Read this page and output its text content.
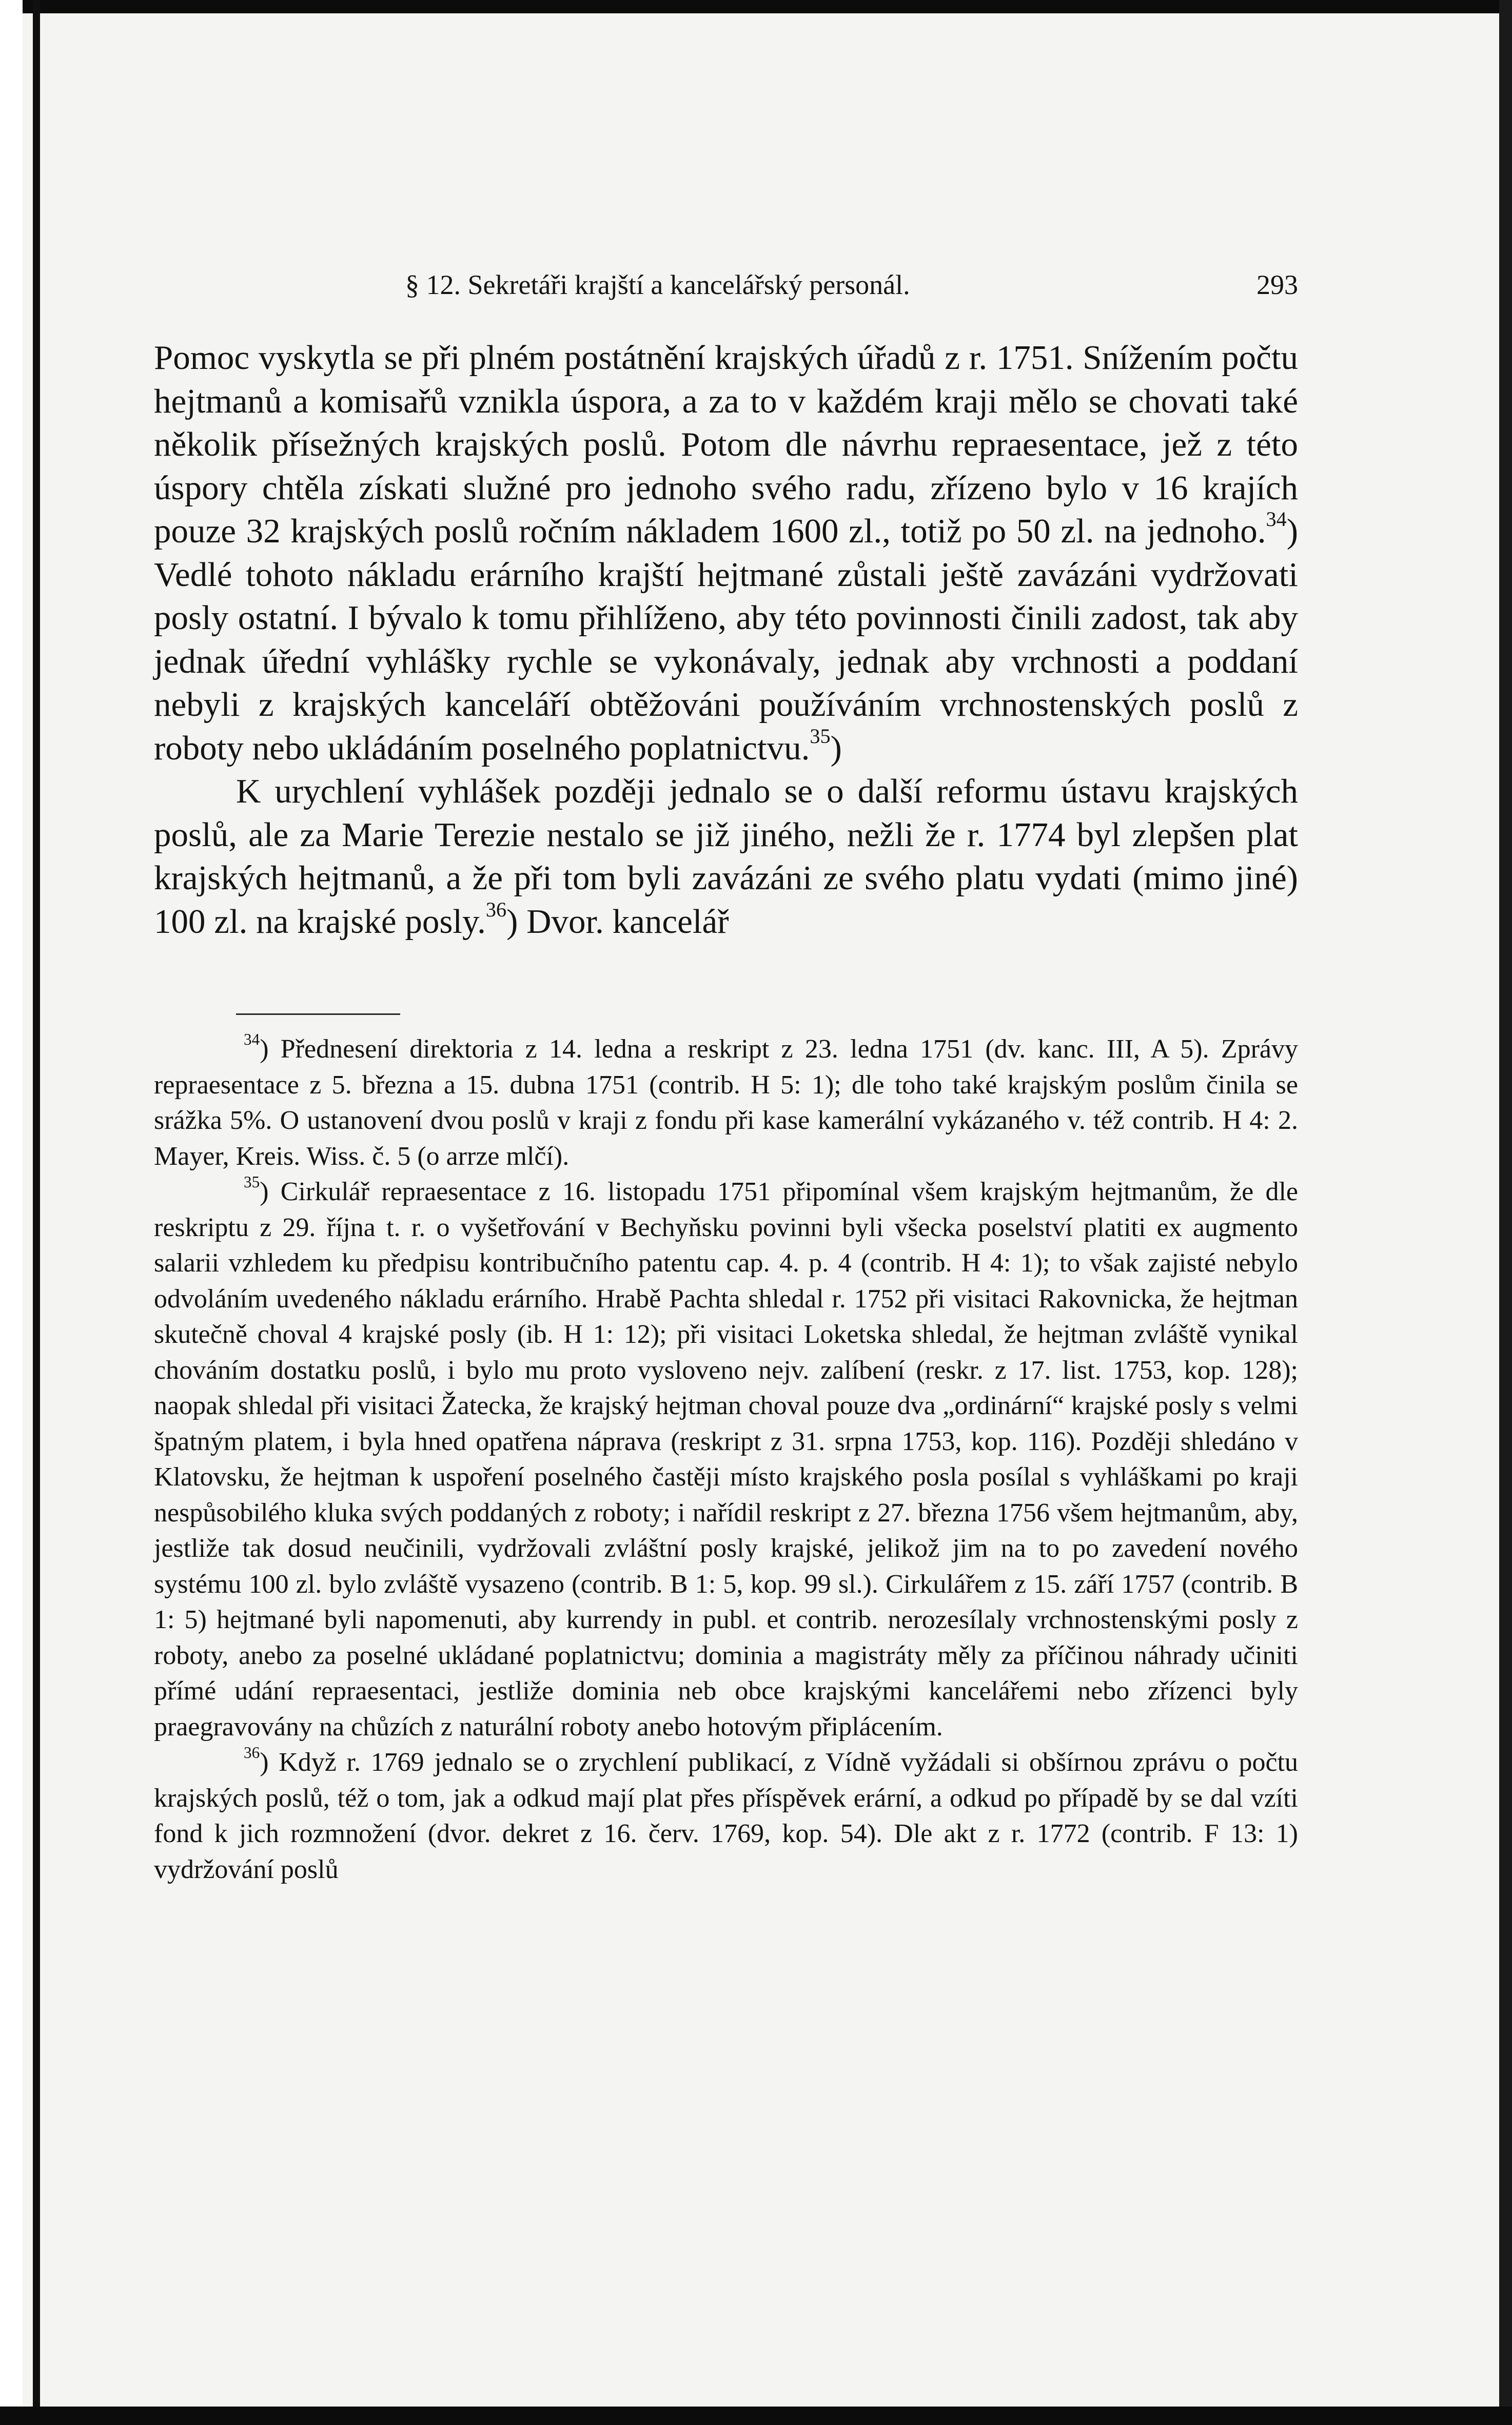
§ 12. Sekretáři krajští a kancelářský personál.	293

Pomoc vyskytla se při plném postátnění krajských úřadů z r. 1751. Snížením počtu hejtmanů a komisařů vznikla úspora, a za to v každém kraji mělo se chovati také několik přísežných krajských poslů. Potom dle návrhu repraesentace, jež z této úspory chtěla získati služné pro jednoho svého radu, zřízeno bylo v 16 krajích pouze 32 krajských poslů ročním nákladem 1600 zl., totiž po 50 zl. na jednoho.$^{34}$) Vedlé tohoto nákladu erárního krajští hejtmané zůstali ještě zavázáni vydržovati posly ostatní. I bývalo k tomu přihlíženo, aby této povinnosti činili zadost, tak aby jednak úřední vyhlášky rychle se vykonávaly, jednak aby vrchnosti a poddaní nebyli z krajských kanceláří obtěžováni používáním vrchnostenských poslů z roboty nebo ukládáním poselného poplatnictvu.$^{35}$)

K urychlení vyhlášek později jednalo se o další reformu ústavu krajských poslů, ale za Marie Terezie nestalo se již jiného, nežli že r. 1774 byl zlepšen plat krajských hejtmanů, a že při tom byli zavázáni ze svého platu vydati (mimo jiné) 100 zl. na krajské posly.$^{36}$) Dvor. kancelář

$^{34}$) Přednesení direktoria z 14. ledna a reskript z 23. ledna 1751 (dv. kanc. III, A 5). Zprávy repraesentace z 5. března a 15. dubna 1751 (contrib. H 5: 1); dle toho také krajským poslům činila se srážka 5%. O ustanovení dvou poslů v kraji z fondu při kase kamerální vykázaného v. též contrib. H 4: 2. Mayer, Kreis. Wiss. č. 5 (o arrze mlčí).

$^{35}$) Cirkulář repraesentace z 16. listopadu 1751 připomínal všem krajským hejtmanům, že dle reskriptu z 29. října t. r. o vyšetřování v Bechyňsku povinni byli všecka poselství platiti ex augmento salarii vzhledem ku předpisu kontribučního patentu cap. 4. p. 4 (contrib. H 4: 1); to však zajisté nebylo odvoláním uvedeného nákladu erárního. Hrabě Pachta shledal r. 1752 při visitaci Rakovnicka, že hejtman skutečně choval 4 krajské posly (ib. H 1: 12); při visitaci Loketska shledal, že hejtman zvláště vynikal chováním dostatku poslů, i bylo mu proto vysloveno nejv. zalíbení (reskr. z 17. list. 1753, kop. 128); naopak shledal při visitaci Žatecka, že krajský hejtman choval pouze dva „ordinární“ krajské posly s velmi špatným platem, i byla hned opatřena náprava (reskript z 31. srpna 1753, kop. 116). Později shledáno v Klatovsku, že hejtman k uspoření poselného častěji místo krajského posla posílal s vyhláškami po kraji nespůsobilého kluka svých poddaných z roboty; i nařídil reskript z 27. března 1756 všem hejtmanům, aby, jestliže tak dosud neučinili, vydržovali zvláštní posly krajské, jelikož jim na to po zavedení nového systému 100 zl. bylo zvláště vysazeno (contrib. B 1: 5, kop. 99 sl.). Cirkulářem z 15. září 1757 (contrib. B 1: 5) hejtmané byli napomenuti, aby kurrendy in publ. et contrib. nerozesílaly vrchnostenskými posly z roboty, anebo za poselné ukládané poplatnictvu; dominia a magistráty měly za příčinou náhrady učiniti přímé udání repraesentaci, jestliže dominia neb obce krajskými kancelářemi nebo zřízenci byly praegravovány na chůzích z naturální roboty anebo hotovým připlácením.

$^{36}$) Když r. 1769 jednalo se o zrychlení publikací, z Vídně vyžádali si obšírnou zprávu o počtu krajských poslů, též o tom, jak a odkud mají plat přes příspěvek erární, a odkud po případě by se dal vzíti fond k jich rozmnožení (dvor. dekret z 16. červ. 1769, kop. 54). Dle akt z r. 1772 (contrib. F 13: 1) vydržování poslů
